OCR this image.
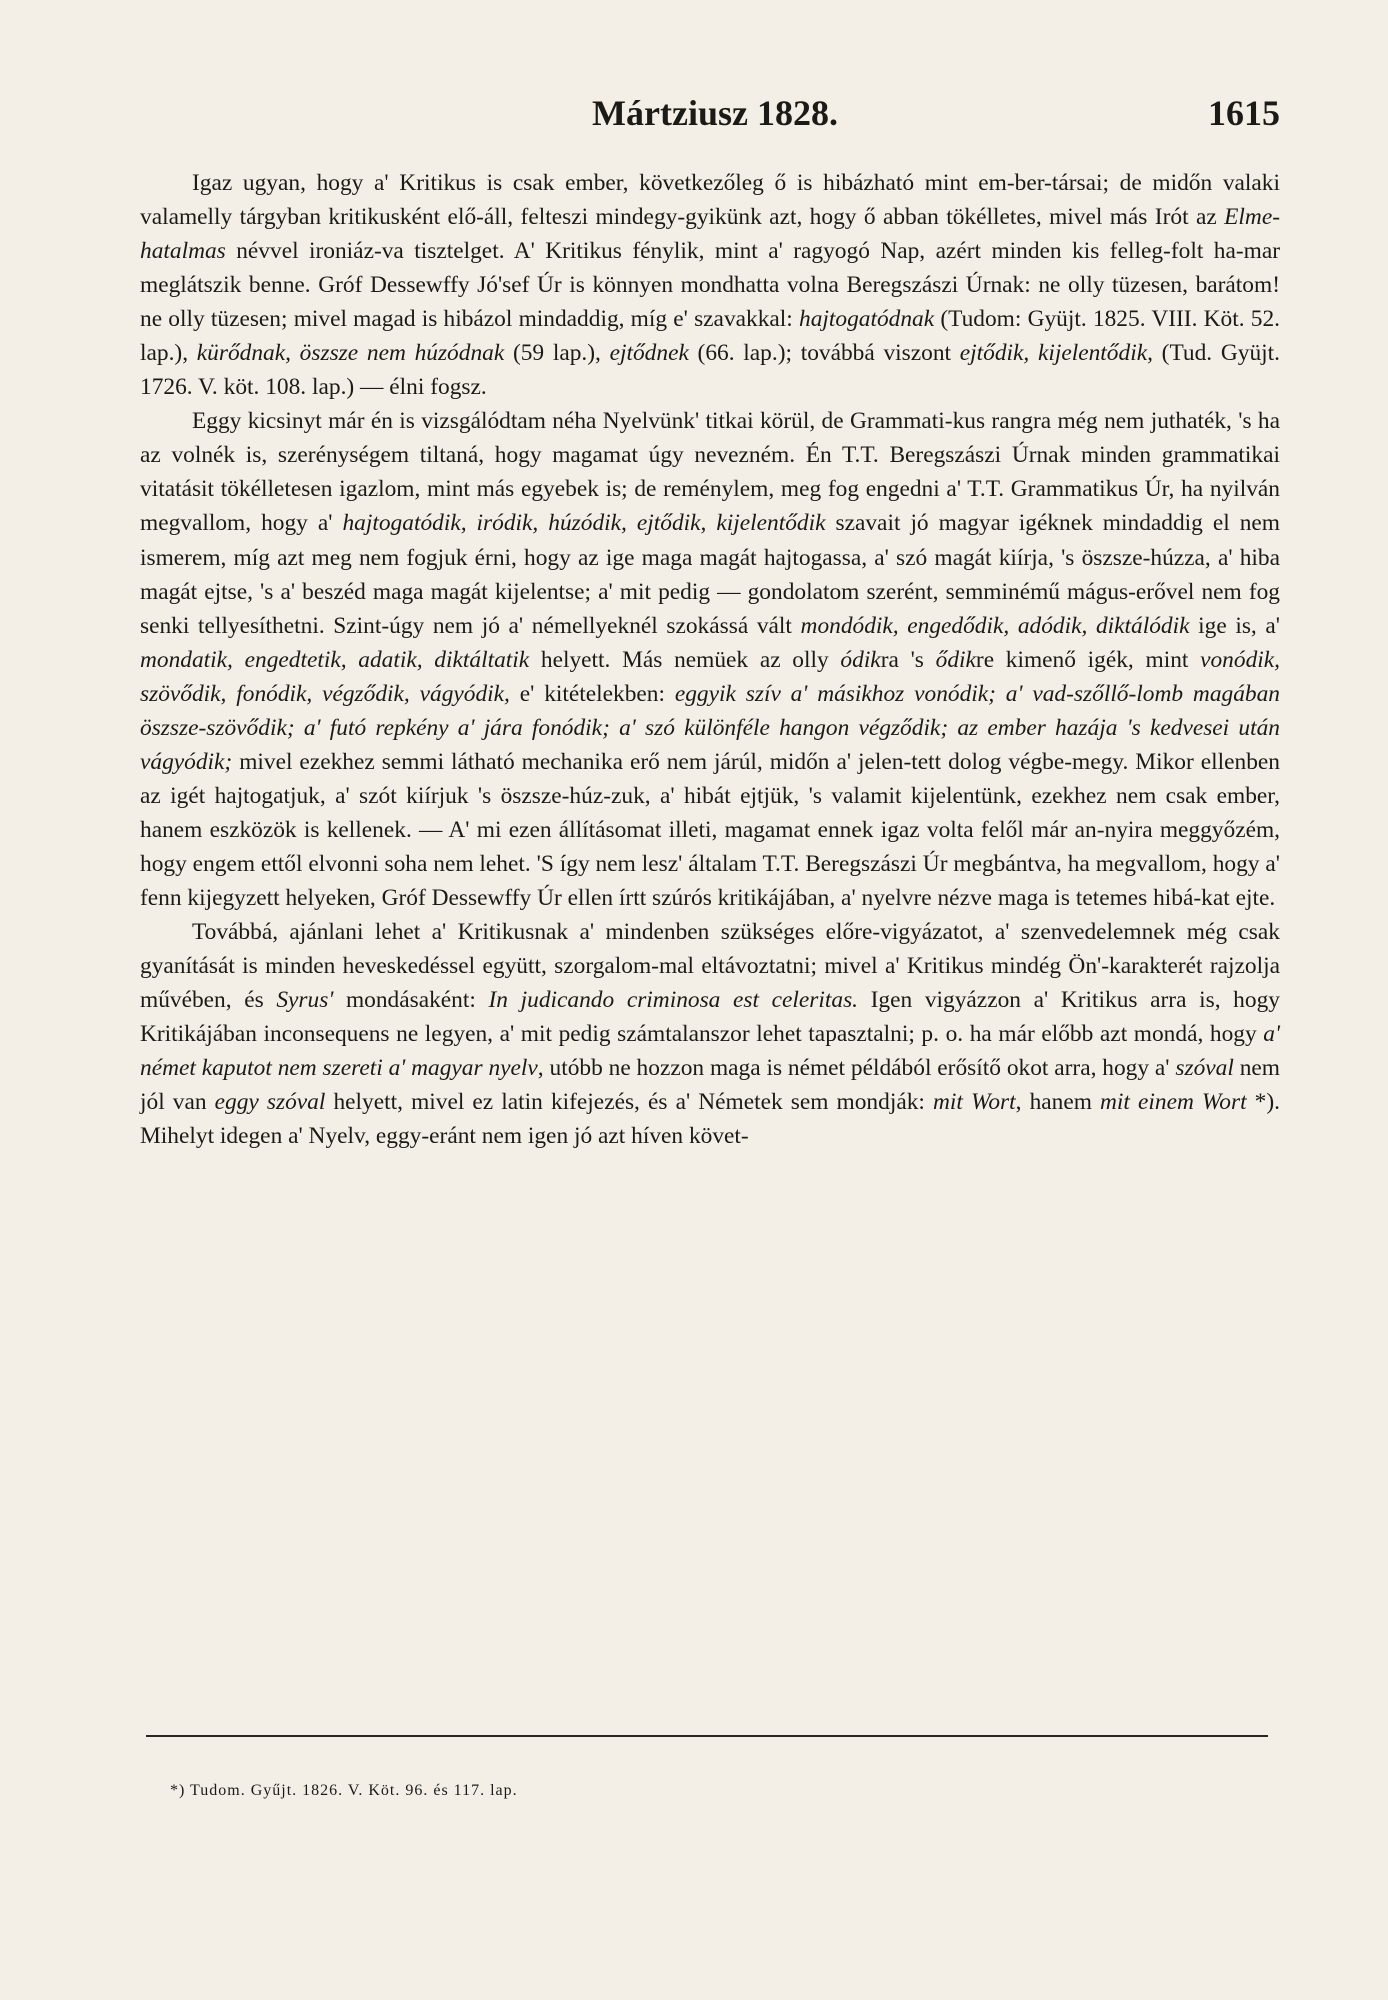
Mártziusz 1828.	1615

Igaz ugyan, hogy a' Kritikus is csak ember, következőleg ő is hibázható mint em-ber-társai; de midőn valaki valamelly tárgyban kritikusként elő-áll, felteszi mindegy-gyikünk azt, hogy ő abban tökélletes, mivel más Irót az Elme-hatalmas névvel ironiáz-va tisztelget. A' Kritikus fénylik, mint a' ragyogó Nap, azért minden kis felleg-folt ha-mar meglátszik benne. Gróf Dessewffy Jó'sef Úr is könnyen mondhatta volna Beregszászi Úrnak: ne olly tüzesen, barátom! ne olly tüzesen; mivel magad is hibázol mindaddig, míg e' szavakkal: hajtogatódnak (Tudom: Gyüjt. 1825. VIII. Köt. 52. lap.), kürődnak, öszsze nem húzódnak (59 lap.), ejtődnek (66. lap.); továbbá viszont ejtődik, kijelentődik, (Tud. Gyüjt. 1726. V. köt. 108. lap.) — élni fogsz.

Eggy kicsinyt már én is vizsgálódtam néha Nyelvünk' titkai körül, de Grammati-kus rangra még nem juthaték, 's ha az volnék is, szerénységem tiltaná, hogy magamat úgy nevezném. Én T.T. Beregszászi Úrnak minden grammatikai vitatásit tökélletesen igazlom, mint más egyebek is; de reménylem, meg fog engedni a' T.T. Grammatikus Úr, ha nyilván megvallom, hogy a' hajtogatódik, iródik, húzódik, ejtődik, kijelentődik szavait jó magyar igéknek mindaddig el nem ismerem, míg azt meg nem fogjuk érni, hogy az ige maga magát hajtogassa, a' szó magát kiírja, 's öszsze-húzza, a' hiba magát ejtse, 's a' beszéd maga magát kijelentse; a' mit pedig — gondolatom szerént, semminémű mágus-erővel nem fog senki tellyesíthetni. Szint-úgy nem jó a' némellyeknél szokássá vált mondódik, engedődik, adódik, diktálódik ige is, a' mondatik, engedtetik, adatik, diktáltatik helyett. Más nemüek az olly ódikra 's ődikre kimenő igék, mint vonódik, szövődik, fonódik, végződik, vágyódik, e' kitételekben: eggyik szív a' másikhoz vonódik; a' vad-szőllő-lomb magában öszsze-szövődik; a' futó repkény a' jára fonódik; a' szó különféle hangon végződik; az ember hazája 's kedvesei után vágyódik; mivel ezekhez semmi látható mechanika erő nem járúl, midőn a' jelen-tett dolog végbe-megy. Mikor ellenben az igét hajtogatjuk, a' szót kiírjuk 's öszsze-húz-zuk, a' hibát ejtjük, 's valamit kijelentünk, ezekhez nem csak ember, hanem eszközök is kellenek. — A' mi ezen állításomat illeti, magamat ennek igaz volta felől már an-nyira meggyőzém, hogy engem ettől elvonni soha nem lehet. 'S így nem lesz' általam T.T. Beregszászi Úr megbántva, ha megvallom, hogy a' fenn kijegyzett helyeken, Gróf Dessewffy Úr ellen írtt szúrós kritikájában, a' nyelvre nézve maga is tetemes hibá-kat ejte.

Továbbá, ajánlani lehet a' Kritikusnak a' mindenben szükséges előre-vigyázatot, a' szenvedelemnek még csak gyanítását is minden heveskedéssel együtt, szorgalom-mal eltávoztatni; mivel a' Kritikus mindég Ön'-karakterét rajzolja művében, és Syrus' mondásaként: In judicando criminosa est celeritas. Igen vigyázzon a' Kritikus arra is, hogy Kritikájában inconsequens ne legyen, a' mit pedig számtalanszor lehet tapasztalni; p. o. ha már előbb azt mondá, hogy a' német kaputot nem szereti a' magyar nyelv, utóbb ne hozzon maga is német példából erősítő okot arra, hogy a' szóval nem jól van eggy szóval helyett, mivel ez latin kifejezés, és a' Németek sem mondják: mit Wort, hanem mit einem Wort *). Mihelyt idegen a' Nyelv, eggy-eránt nem igen jó azt híven követ-

*) Tudom. Gyűjt. 1826. V. Köt. 96. és 117. lap.
